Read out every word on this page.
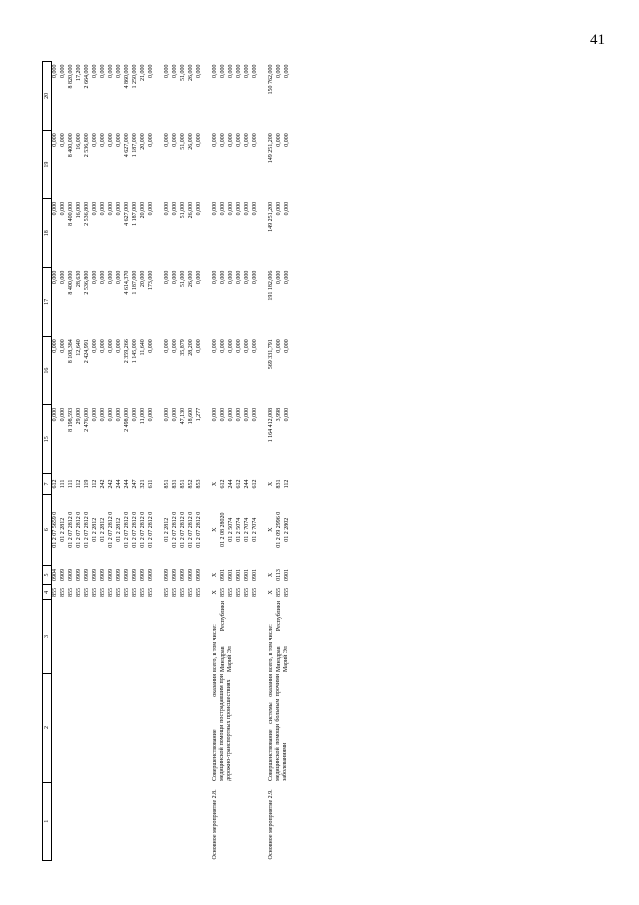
41
1	2	3	4	5	6	7	15	16	17	18	19	20
			855	0904	01 2 07 5659 0	612	0,000	0,000	0,000	0,000	0,000	0,000
			855	0909	01 2 2812	111	0,000	0,000	0,000	0,000	0,000	0,000
			855	0909	01 2 07 2812 0	111	8 198,593	8 108,384	8 400,000	8 400,000	8 400,000	8 820,000
			855	0909	01 2 07 2812 0	112	29,000	12,640	28,630	16,000	16,000	17,200
			855	0909	01 2 07 2812 0	119	2 476,000	2 424,991	2 536,800	2 536,800	2 536,800	2 664,000
			855	0909	01 2 2812	112	0,000	0,000	0,000	0,000	0,000	0,000
			855	0909	01 2 2812	242	0,000	0,000	0,000	0,000	0,000	0,000
			855	0909	01 2 07 2812 0	242	0,000	0,000	0,000	0,000	0,000	0,000
			855	0909	01 2 2812	244	0,000	0,000	0,000	0,000	0,000	0,000
			855	0909	01 2 07 2812 0	244	2 498,000	2 359,266	4 614,370	4 627,000	4 627,000	4 860,000
			855	0909	01 2 07 2812 0	247	0,000	1 145,000	1 187,000	1 187,000	1 187,000	1 250,000
			855	0909	01 2 07 2812 0	321	11,000	11,640	20,000	20,000	20,000	21,000
			855	0909	01 2 07 2812 0	611	0,000	0,000	173,000	0,000	0,000	0,000

			855	0909	01 2 2812	851	0,000	0,000	0,000	0,000	0,000	0,000
			855	0909	01 2 07 2812 0	831	0,000	0,000	0,000	0,000	0,000	0,000
			855	0909	01 2 07 2812 0	851	47,130	35,879	51,000	51,000	51,000	51,000
			855	0909	01 2 07 2812 0	852	18,600	28,200	26,000	26,000	26,000	26,000
			855	0909	01 2 07 2812 0	853	1,277	0,000	0,000	0,000	0,000	0,000

Основное мероприятие 2.8.	Совершенствование оказания медицинской помощи пострадавшим при дорожно-транспортных происшествиях	всего, в том числе:	X	X	X	X	0,000	0,000	0,000	0,000	0,000	0,000
		Минздрав Республики Марий Эл	855	0901	01 2 08 28020	612	0,000	0,000	0,000	0,000	0,000	0,000
			855	0901	01 2 5074	244	0,000	0,000	0,000	0,000	0,000	0,000
			855	0901	01 2 5074	612	0,000	0,000	0,000	0,000	0,000	0,000
			855	0901	01 2 7074	244	0,000	0,000	0,000	0,000	0,000	0,000
			855	0901	01 2 7074	612	0,000	0,000	0,000	0,000	0,000	0,000

Основное мероприятие 2.9.	Совершенствование системы оказания медицинской помощи больным прочими заболеваниями	всего, в том числе:	X	X	X	X	1 164 412,008	569 331,791	191 182,006	149 251,200	149 251,200	150 762,000
		Минздрав Республики Марий Эл	855	0113	01 2 09 2996 0	831	3,998	0,000	0,000	0,000	0,000	0,000
			855	0901	01 2 2802	112	0,000	0,000	0,000	0,000	0,000	0,000
